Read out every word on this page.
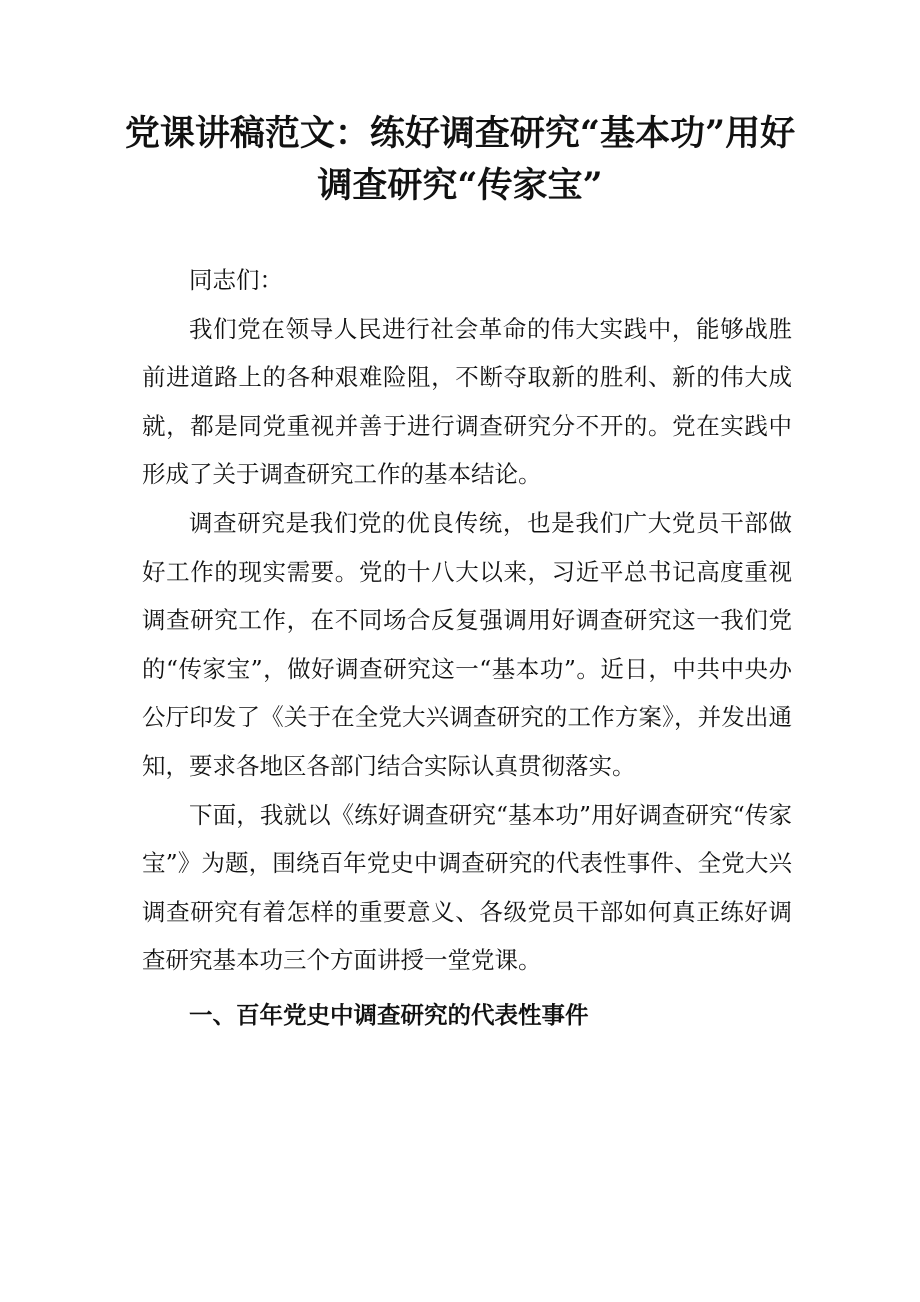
党课讲稿范文：练好调查研究“基本功”用好调查研究“传家宝”

同志们：

我们党在领导人民进行社会革命的伟大实践中，能够战胜前进道路上的各种艰难险阻，不断夺取新的胜利、新的伟大成就，都是同党重视并善于进行调查研究分不开的。党在实践中形成了关于调查研究工作的基本结论。

调查研究是我们党的优良传统，也是我们广大党员干部做好工作的现实需要。党的十八大以来，习近平总书记高度重视调查研究工作，在不同场合反复强调用好调查研究这一我们党的“传家宝”，做好调查研究这一“基本功”。近日，中共中央办公厅印发了《关于在全党大兴调查研究的工作方案》，并发出通知，要求各地区各部门结合实际认真贯彻落实。

下面，我就以《练好调查研究“基本功”用好调查研究“传家宝”》为题，围绕百年党史中调查研究的代表性事件、全党大兴调查研究有着怎样的重要意义、各级党员干部如何真正练好调查研究基本功三个方面讲授一堂党课。

一、百年党史中调查研究的代表性事件
